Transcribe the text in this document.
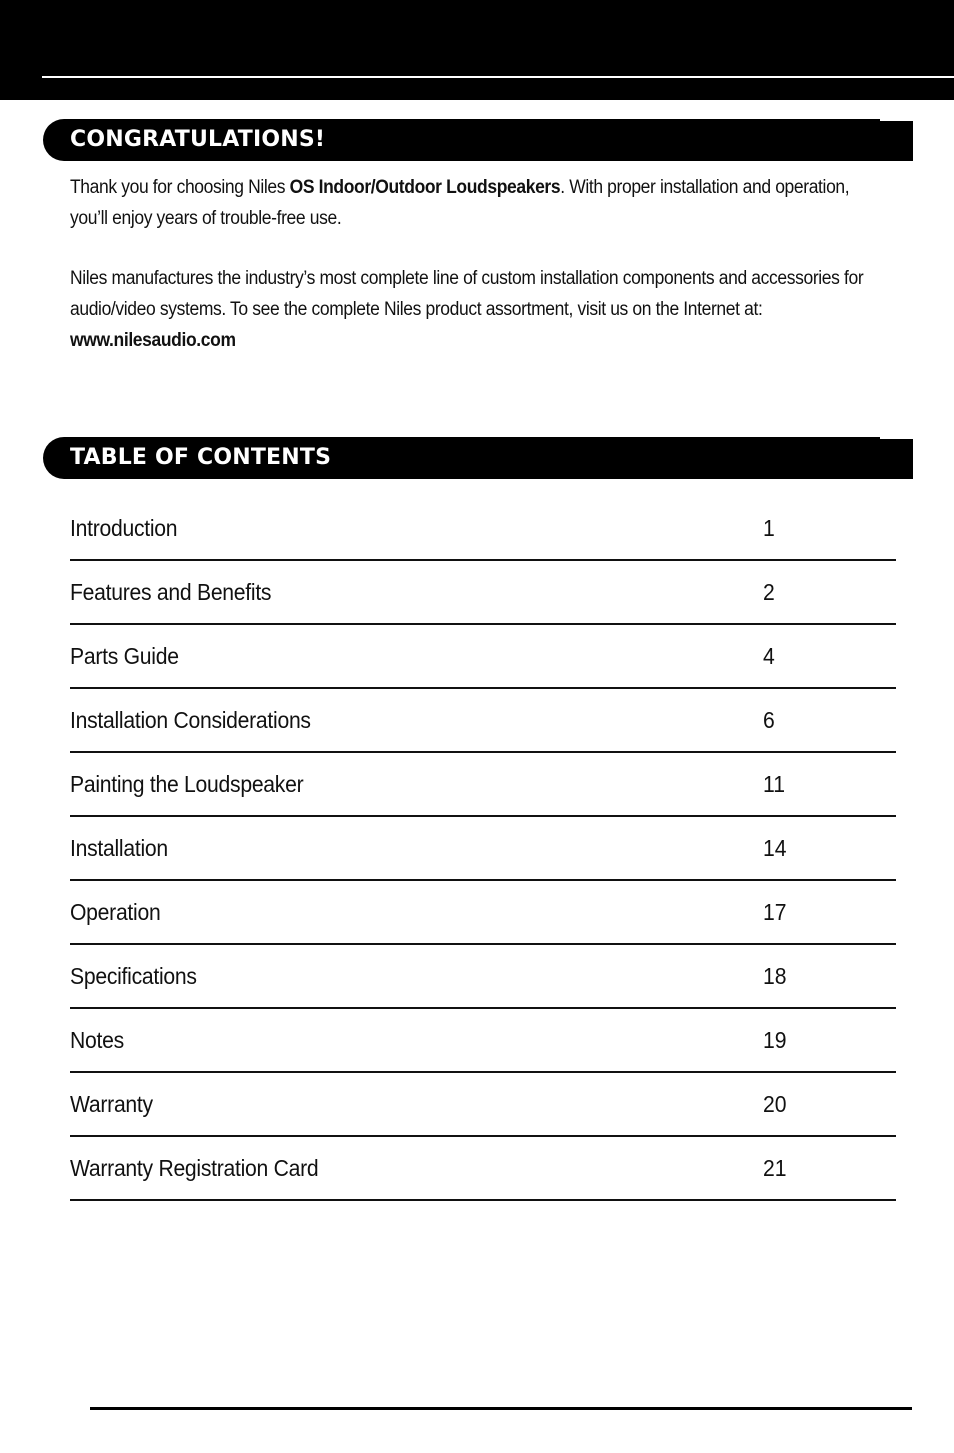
CONGRATULATIONS!

Thank you for choosing Niles OS Indoor/Outdoor Loudspeakers. With proper installation and operation, you’ll enjoy years of trouble-free use.

Niles manufactures the industry’s most complete line of custom installation components and accessories for audio/video systems. To see the complete Niles product assortment, visit us on the Internet at: www.nilesaudio.com

TABLE OF CONTENTS
Introduction	1
Features and Benefits	2
Parts Guide	4
Installation Considerations	6
Painting the Loudspeaker	11
Installation	14
Operation	17
Specifications	18
Notes	19
Warranty	20
Warranty Registration Card	21
